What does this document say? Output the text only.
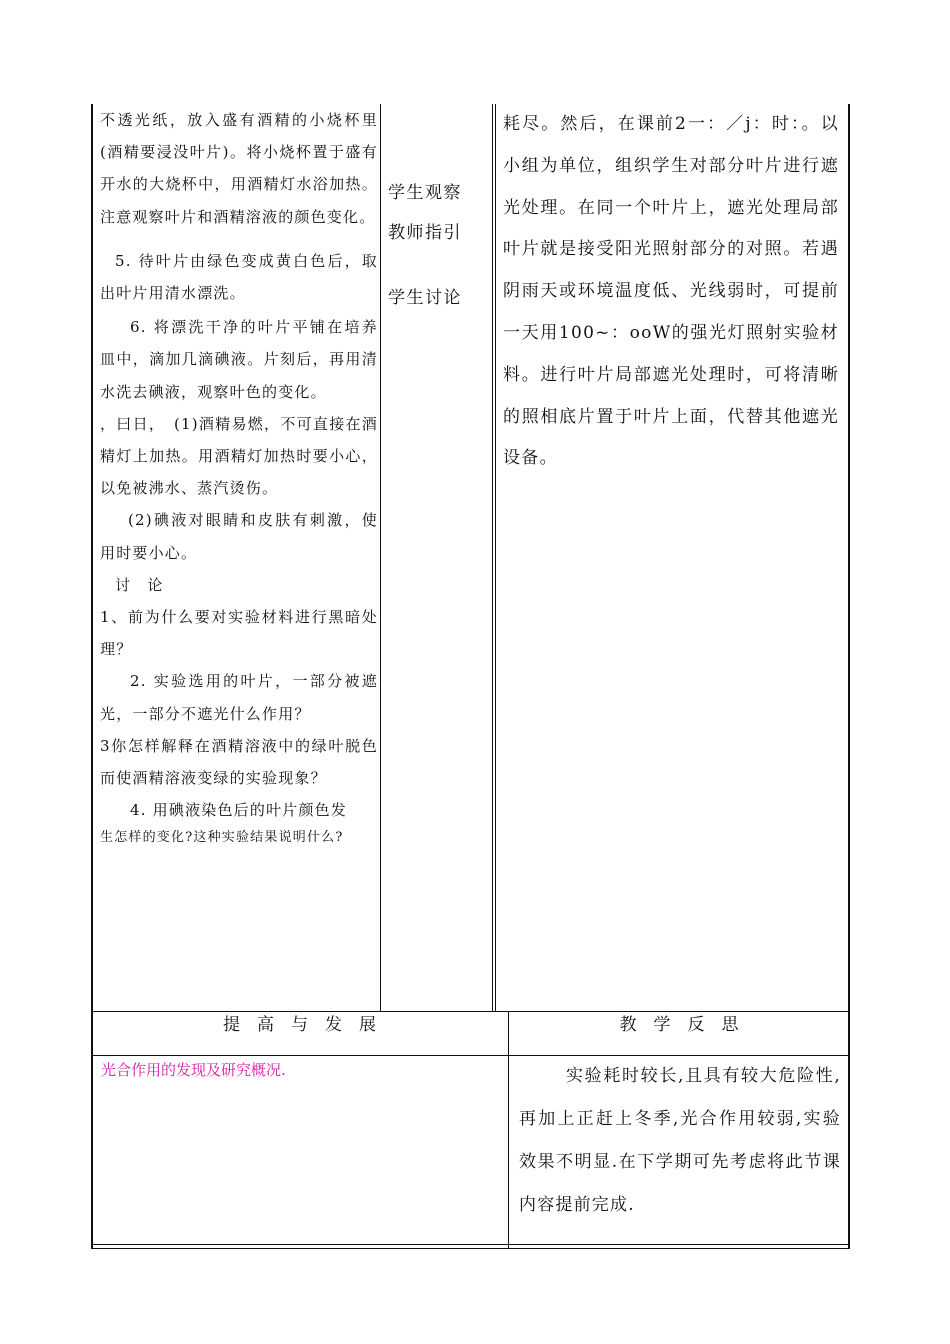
不透光纸，放入盛有酒精的小烧杯里(酒精要浸没叶片)。将小烧杯置于盛有开水的大烧杯中，用酒精灯水浴加热。注意观察叶片和酒精溶液的颜色变化。

5. 待叶片由绿色变成黄白色后，取出叶片用清水漂洗。

6. 将漂洗干净的叶片平铺在培养皿中，滴加几滴碘液。片刻后，再用清水洗去碘液，观察叶色的变化。

，曰日，　(1)酒精易燃，不可直接在酒精灯上加热。用酒精灯加热时要小心，以免被沸水、蒸汽烫伤。

(2)碘液对眼睛和皮肤有刺激，使用时要小心。

讨　论

1、前为什么要对实验材料进行黑暗处理？

2. 实验选用的叶片，一部分被遮光，一部分不遮光什么作用？

3你怎样解释在酒精溶液中的绿叶脱色而使酒精溶液变绿的实验现象？

4. 用碘液染色后的叶片颜色发

生怎样的变化?这种实验结果说明什么?

学生观察
教师指引
学生讨论

耗尽。然后，在课前2一：／j：时：。以小组为单位，组织学生对部分叶片进行遮光处理。在同一个叶片上，遮光处理局部叶片就是接受阳光照射部分的对照。若遇阴雨天或环境温度低、光线弱时，可提前一天用100~：ooW的强光灯照射实验材料。进行叶片局部遮光处理时，可将清晰的照相底片置于叶片上面，代替其他遮光设备。

提　高　与　发　展	教　学　反　思
光合作用的发现及研究概况.	实验耗时较长,且具有较大危险性,再加上正赶上冬季,光合作用较弱,实验效果不明显.在下学期可先考虑将此节课内容提前完成.
